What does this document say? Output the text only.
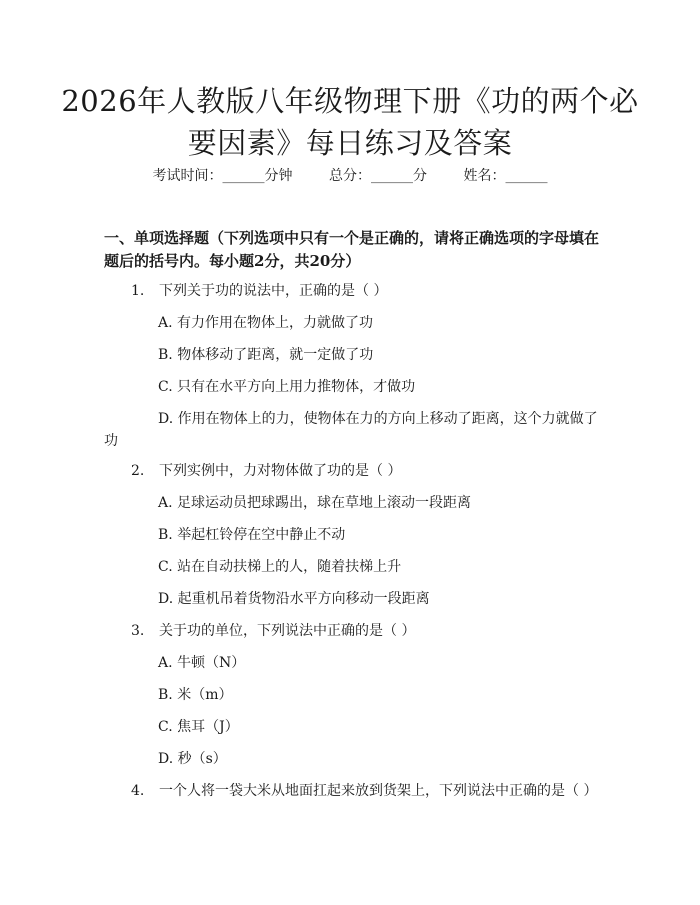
2026年人教版八年级物理下册《功的两个必要因素》每日练习及答案
考试时间：______分钟	总分：______分	姓名：______
一、单项选择题（下列选项中只有一个是正确的，请将正确选项的字母填在题后的括号内。每小题2分，共20分）
1. 下列关于功的说法中，正确的是（ ）
A. 有力作用在物体上，力就做了功
B. 物体移动了距离，就一定做了功
C. 只有在水平方向上用力推物体，才做功
D. 作用在物体上的力，使物体在力的方向上移动了距离，这个力就做了功
2. 下列实例中，力对物体做了功的是（ ）
A. 足球运动员把球踢出，球在草地上滚动一段距离
B. 举起杠铃停在空中静止不动
C. 站在自动扶梯上的人，随着扶梯上升
D. 起重机吊着货物沿水平方向移动一段距离
3. 关于功的单位，下列说法中正确的是（ ）
A. 牛顿（N）
B. 米（m）
C. 焦耳（J）
D. 秒（s）
4. 一个人将一袋大米从地面扛起来放到货架上，下列说法中正确的是（ ）
